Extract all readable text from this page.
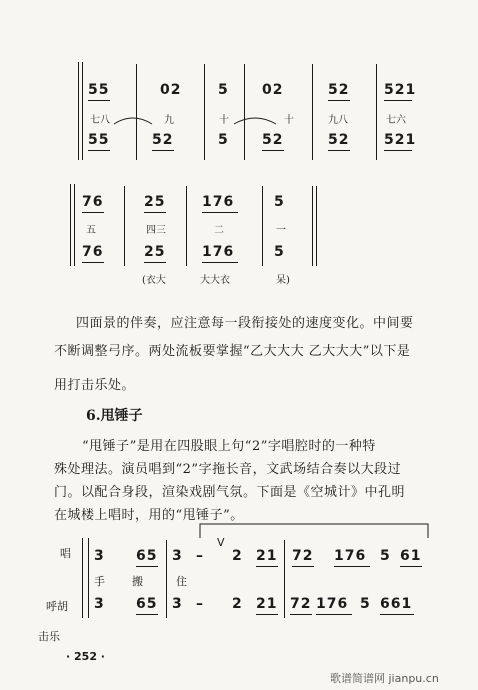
55	02	5 02	52 521
七八	九	十	十	九八	七六
55	52	5 52	52 521
76	25	176	5
五	四三	二	一
76	25	176	5
(衣大	大大衣	呆)
四面景的伴奏，应注意每一段衔接处的速度变化。中间要
不断调整弓序。两处流板要掌握“乙大大大 乙大大大”以下是
用打击乐处。
6.甩锤子
“甩锤子”是用在四股眼上句“2”字唱腔时的一种特
殊处理法。演员唱到“2”字拖长音，文武场结合奏以大段过
门。以配合身段，渲染戏剧气氛。下面是《空城计》中孔明
在城楼上唱时，用的“甩锤子”。
唱
呼胡
击乐
V
3 65 3 – 2 21 72 176 5 61
手 搬	住
3 65 3 – 2 21 72 176 5 661
· 252 ·
歌谱简谱网 jianpu.cn
